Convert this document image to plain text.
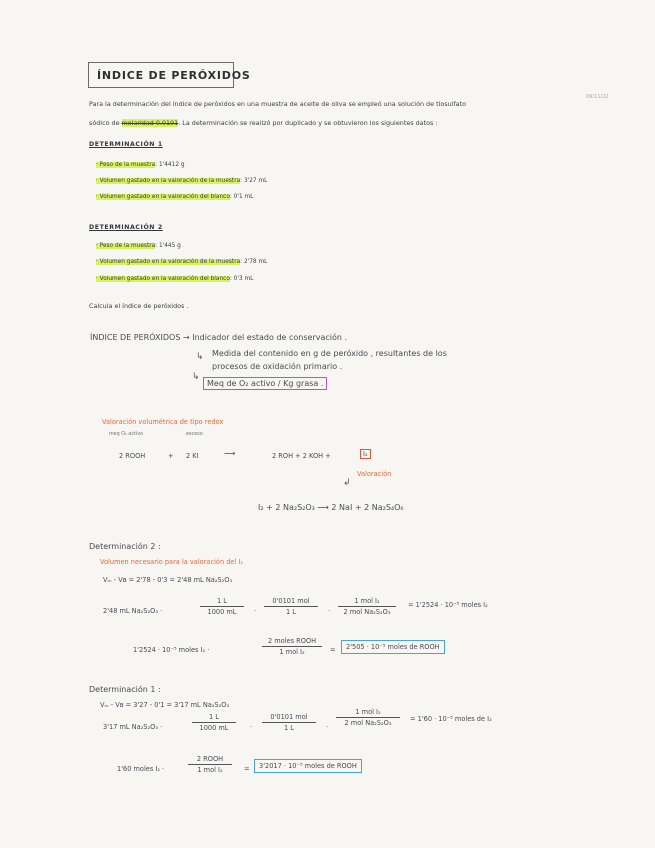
ÍNDICE DE PERÓXIDOS
09/11/22
Para la determinación del índice de peróxidos en una muestra de aceite de oliva se empleó una solución de tiosulfato
sódico de molaridad 0.0101. La determinación se realizó por duplicado y se obtuvieron los siguientes datos :
DETERMINACIÓN 1
· Peso de la muestra: 1'4412 g
· Volumen gastado en la valoración de la muestra: 3'27 mL
· Volumen gastado en la valoración del blanco: 0'1 mL
DETERMINACIÓN 2
· Peso de la muestra: 1'445 g
· Volumen gastado en la valoración de la muestra: 2'78 mL
· Volumen gastado en la valoración del blanco: 0'3 mL
Calcula el índice de peróxidos .
ÍNDICE DE PERÓXIDOS → Indicador del estado de conservación .
Medida del contenido en g de peróxido , resultantes de los
procesos de oxidación primario .
↳
↳
Meq de O₂ activo / Kg grasa .
Valoración volumétrica de tipo redox
meq O₂ activo	exceso
2 ROOH	+ 2 KI	⟶	2 ROH + 2 KOH +	I₂
Valoración
↲
I₂ + 2 Na₂S₂O₃ ⟶ 2 NaI + 2 Na₂S₄O₆
Determinación 2 :
Volumen necesario para la valoración del I₂
Vₘ - Vʙ = 2'78 - 0'3 = 2'48 mL Na₂S₂O₃
2'48 mL Na₂S₂O₃ ·
1 L
1000 mL	·
0'0101 mol
1 L	·
1 mol I₂
2 mol Na₂S₂O₃
= 1'2524 · 10⁻⁵ moles I₂
1'2524 · 10⁻⁵ moles I₂ ·
2 moles ROOH
1 mol I₂	=	2'505 · 10⁻⁵ moles de ROOH
Determinación 1 :
Vₘ - Vʙ = 3'27 - 0'1 = 3'17 mL Na₂S₂O₃
3'17 mL Na₂S₂O₃ ·
1 L
1000 mL	·
0'0101 mol
1 L	·
1 mol I₂
2 mol Na₂S₂O₃	= 1'60 · 10⁻⁵ moles de I₂
1'60 moles I₂ ·
2 ROOH
1 mol I₂	=	3'2017 · 10⁻⁵ moles de ROOH
